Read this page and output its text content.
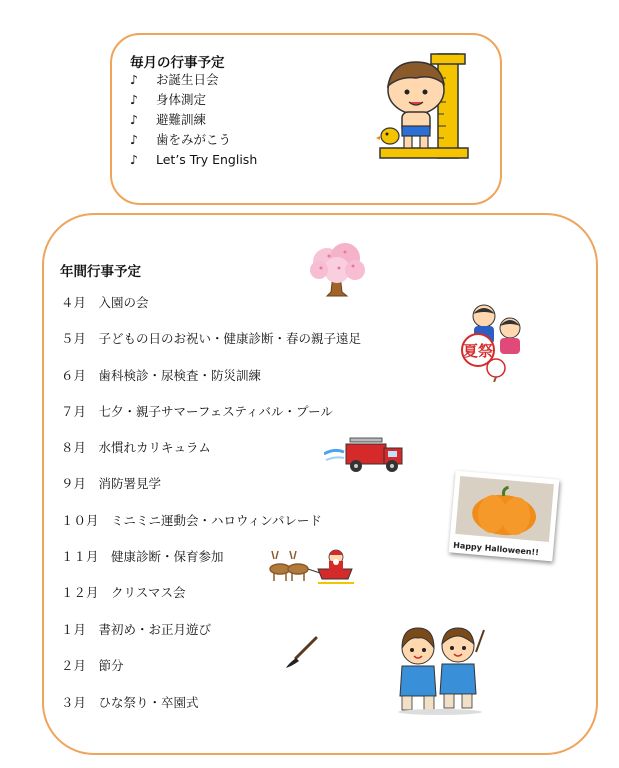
毎月の行事予定
♪ お誕生日会
♪ 身体測定
♪ 避難訓練
♪ 歯をみがこう
♪ Let’s Try English
年間行事予定
４月　入園の会
５月　子どもの日のお祝い・健康診断・春の親子遠足
６月　歯科検診・尿検査・防災訓練
７月　七夕・親子サマーフェスティバル・プール
８月　水慣れカリキュラム
９月　消防署見学
１０月　ミニミニ運動会・ハロウィンパレード
１１月　健康診断・保育参加
１２月　クリスマス会
１月　書初め・お正月遊び
２月　節分
３月　ひな祭り・卒園式
夏祭
Happy Halloween!!
